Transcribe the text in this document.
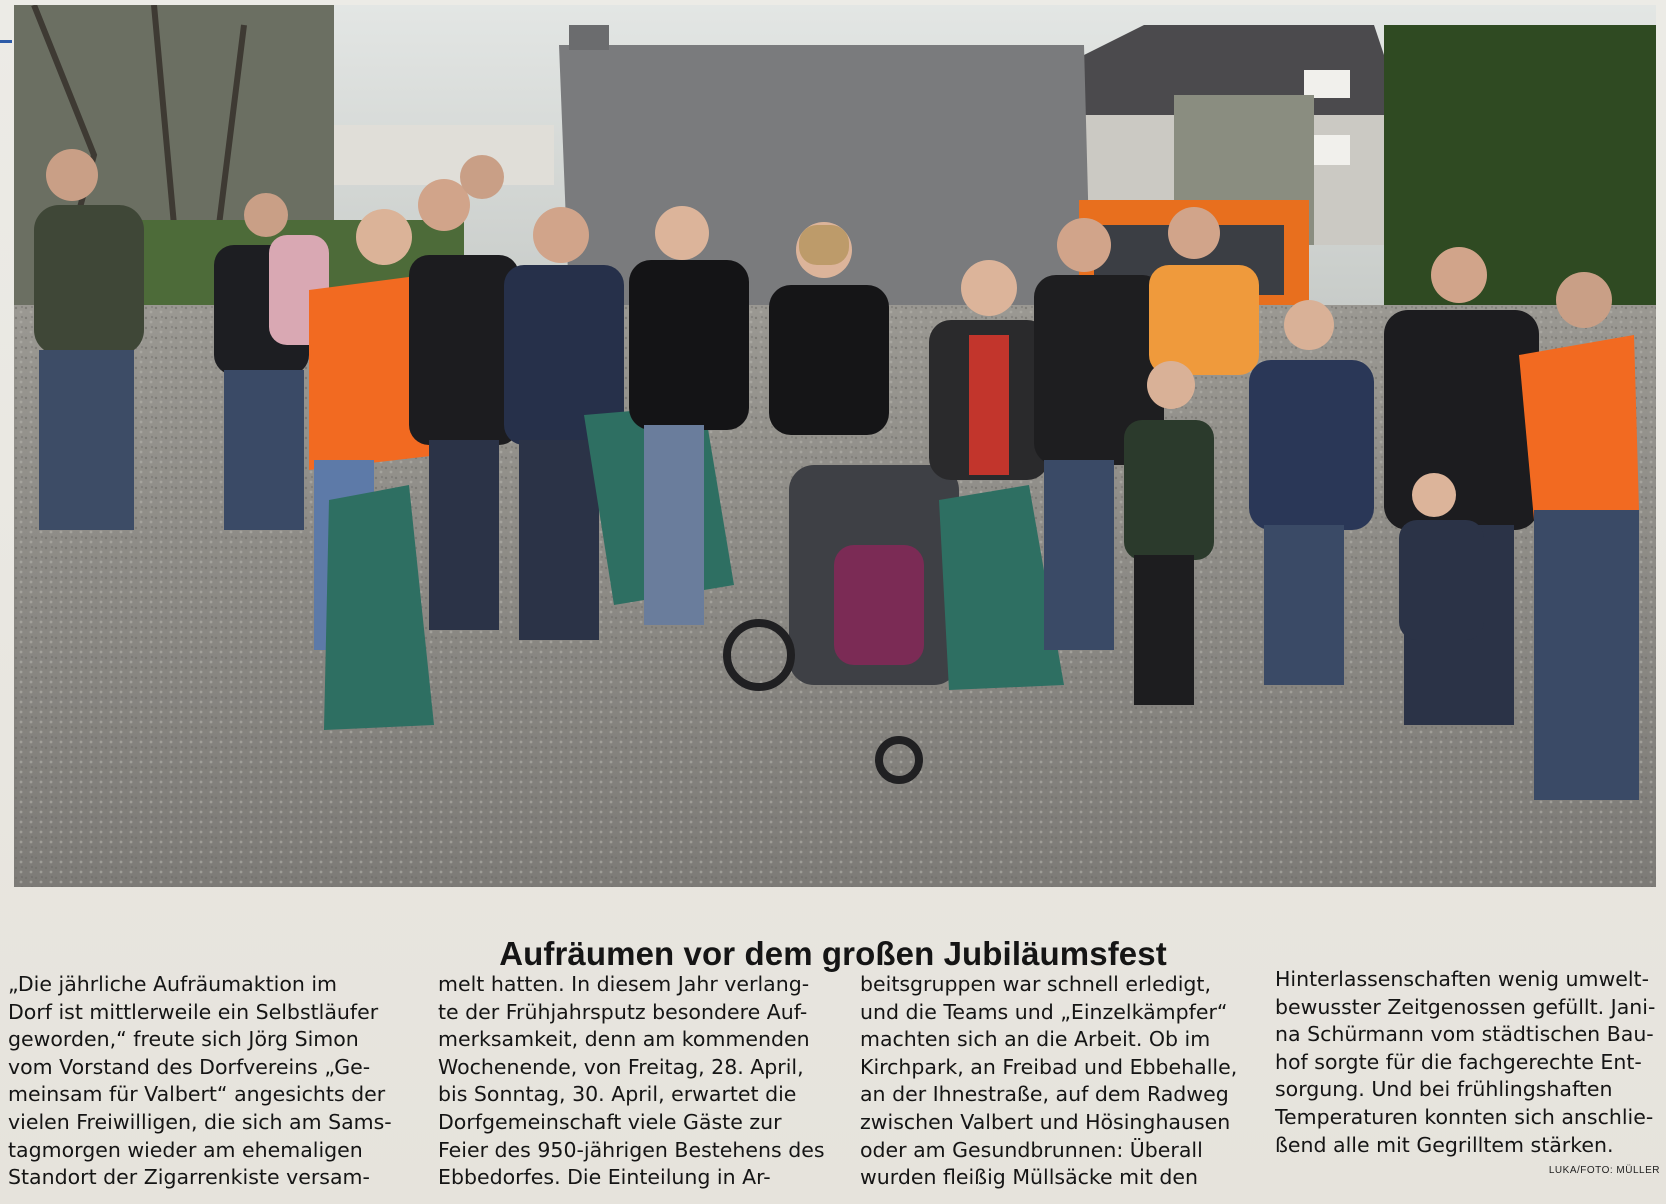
Aufräumen vor dem großen Jubiläumsfest
„Die jährliche Aufräumaktion im
Dorf ist mittlerweile ein Selbstläufer
geworden,“ freute sich Jörg Simon
vom Vorstand des Dorfvereins „Ge-
meinsam für Valbert“ angesichts der
vielen Freiwilligen, die sich am Sams-
tagmorgen wieder am ehemaligen
Standort der Zigarrenkiste versam-
melt hatten. In diesem Jahr verlang-
te der Frühjahrsputz besondere Auf-
merksamkeit, denn am kommenden
Wochenende, von Freitag, 28. April,
bis Sonntag, 30. April, erwartet die
Dorfgemeinschaft viele Gäste zur
Feier des 950-jährigen Bestehens des
Ebbedorfes. Die Einteilung in Ar-
beitsgruppen war schnell erledigt,
und die Teams und „Einzelkämpfer“
machten sich an die Arbeit. Ob im
Kirchpark, an Freibad und Ebbehalle,
an der Ihnestraße, auf dem Radweg
zwischen Valbert und Hösinghausen
oder am Gesundbrunnen: Überall
wurden fleißig Müllsäcke mit den
Hinterlassenschaften wenig umwelt-
bewusster Zeitgenossen gefüllt. Jani-
na Schürmann vom städtischen Bau-
hof sorgte für die fachgerechte Ent-
sorgung. Und bei frühlingshaften
Temperaturen konnten sich anschlie-
ßend alle mit Gegrilltem stärken.
LUKA/FOTO: MÜLLER
